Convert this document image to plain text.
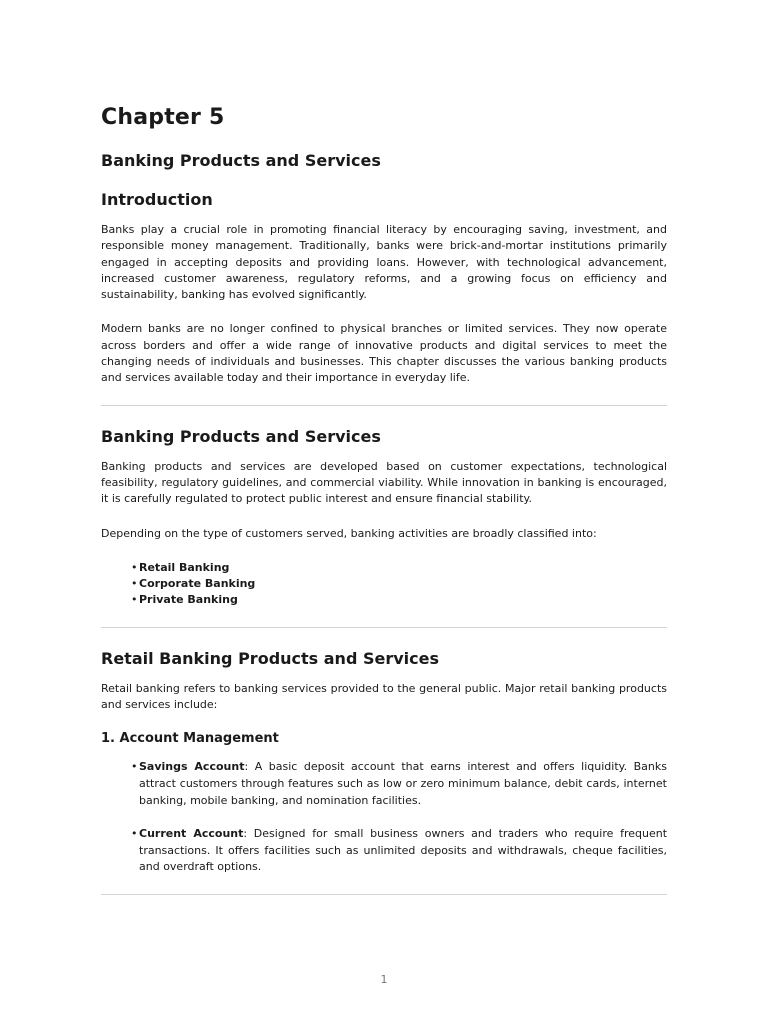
Chapter 5
Banking Products and Services
Introduction

Banks play a crucial role in promoting financial literacy by encouraging saving, investment, and responsible money management. Traditionally, banks were brick-and-mortar institutions primarily engaged in accepting deposits and providing loans. However, with technological advancement, increased customer awareness, regulatory reforms, and a growing focus on efficiency and sustainability, banking has evolved significantly.

Modern banks are no longer confined to physical branches or limited services. They now operate across borders and offer a wide range of innovative products and digital services to meet the changing needs of individuals and businesses. This chapter discusses the various banking products and services available today and their importance in everyday life.

Banking Products and Services

Banking products and services are developed based on customer expectations, technological feasibility, regulatory guidelines, and commercial viability. While innovation in banking is encouraged, it is carefully regulated to protect public interest and ensure financial stability.

Depending on the type of customers served, banking activities are broadly classified into:

• Retail Banking
• Corporate Banking
• Private Banking
Retail Banking Products and Services

Retail banking refers to banking services provided to the general public. Major retail banking products and services include:

1. Account Management
• Savings Account: A basic deposit account that earns interest and offers liquidity. Banks attract customers through features such as low or zero minimum balance, debit cards, internet banking, mobile banking, and nomination facilities.
• Current Account: Designed for small business owners and traders who require frequent transactions. It offers facilities such as unlimited deposits and withdrawals, cheque facilities, and overdraft options.
1
